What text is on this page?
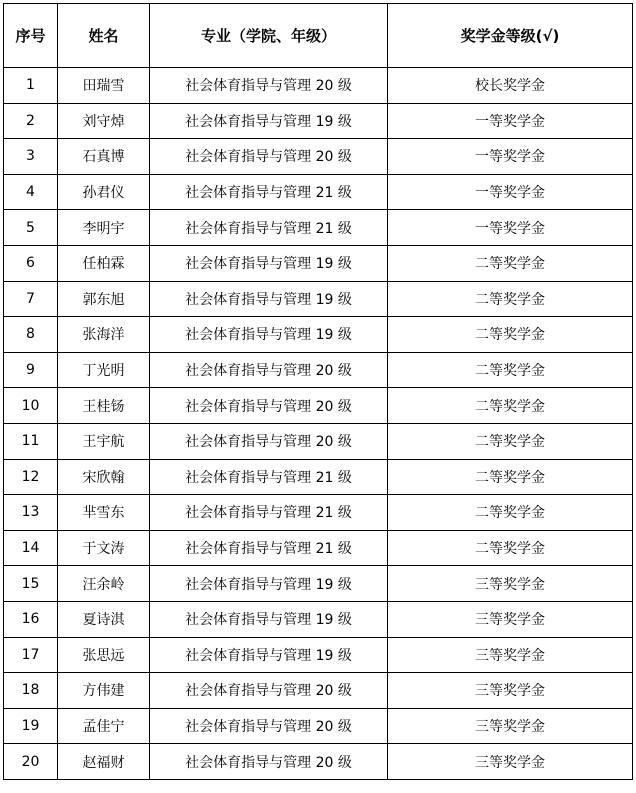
序号	姓名	专业（学院、年级）	奖学金等级(√)
1	田瑞雪	社会体育指导与管理 20 级	校长奖学金
2	刘守焯	社会体育指导与管理 19 级	一等奖学金
3	石真博	社会体育指导与管理 20 级	一等奖学金
4	孙君仪	社会体育指导与管理 21 级	一等奖学金
5	李明宇	社会体育指导与管理 21 级	一等奖学金
6	任柏霖	社会体育指导与管理 19 级	二等奖学金
7	郭东旭	社会体育指导与管理 19 级	二等奖学金
8	张海洋	社会体育指导与管理 19 级	二等奖学金
9	丁光明	社会体育指导与管理 20 级	二等奖学金
10	王桂钖	社会体育指导与管理 20 级	二等奖学金
11	王宇航	社会体育指导与管理 20 级	二等奖学金
12	宋欣翰	社会体育指导与管理 21 级	二等奖学金
13	芈雪东	社会体育指导与管理 21 级	二等奖学金
14	于文涛	社会体育指导与管理 21 级	二等奖学金
15	汪余岭	社会体育指导与管理 19 级	三等奖学金
16	夏诗淇	社会体育指导与管理 19 级	三等奖学金
17	张思远	社会体育指导与管理 19 级	三等奖学金
18	方伟建	社会体育指导与管理 20 级	三等奖学金
19	孟佳宁	社会体育指导与管理 20 级	三等奖学金
20	赵福财	社会体育指导与管理 20 级	三等奖学金
